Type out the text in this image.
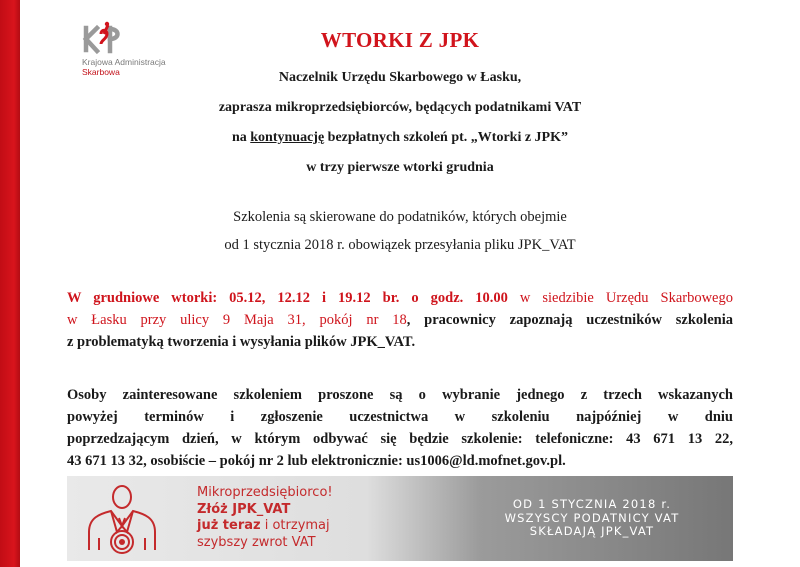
Krajowa Administracja
Skarbowa
WTORKI Z JPK
Naczelnik Urzędu Skarbowego w Łasku,
zaprasza mikroprzedsiębiorców, będących podatnikami VAT
na kontynuację bezpłatnych szkoleń pt. „Wtorki z JPK”
w trzy pierwsze wtorki grudnia
Szkolenia są skierowane do podatników, których obejmie
od 1 stycznia 2018 r. obowiązek przesyłania pliku JPK_VAT
W grudniowe wtorki: 05.12, 12.12 i 19.12 br. o godz. 10.00 w siedzibie Urzędu Skarbowego
w Łasku przy ulicy 9 Maja 31, pokój nr 18, pracownicy zapoznają uczestników szkolenia
z problematyką tworzenia i wysyłania plików JPK_VAT.
Osoby zainteresowane szkoleniem proszone są o wybranie jednego z trzech wskazanych
powyżej terminów i zgłoszenie uczestnictwa w szkoleniu najpóźniej w dniu
poprzedzającym dzień, w którym odbywać się będzie szkolenie: telefoniczne: 43 671 13 22,
43 671 13 32, osobiście – pokój nr 2 lub elektronicznie: us1006@ld.mofnet.gov.pl.
Mikroprzedsiębiorco!
Złóż JPK_VAT
już teraz i otrzymaj
szybszy zwrot VAT
OD 1 STYCZNIA 2018 r.
WSZYSCY PODATNICY VAT
SKŁADAJĄ JPK_VAT
